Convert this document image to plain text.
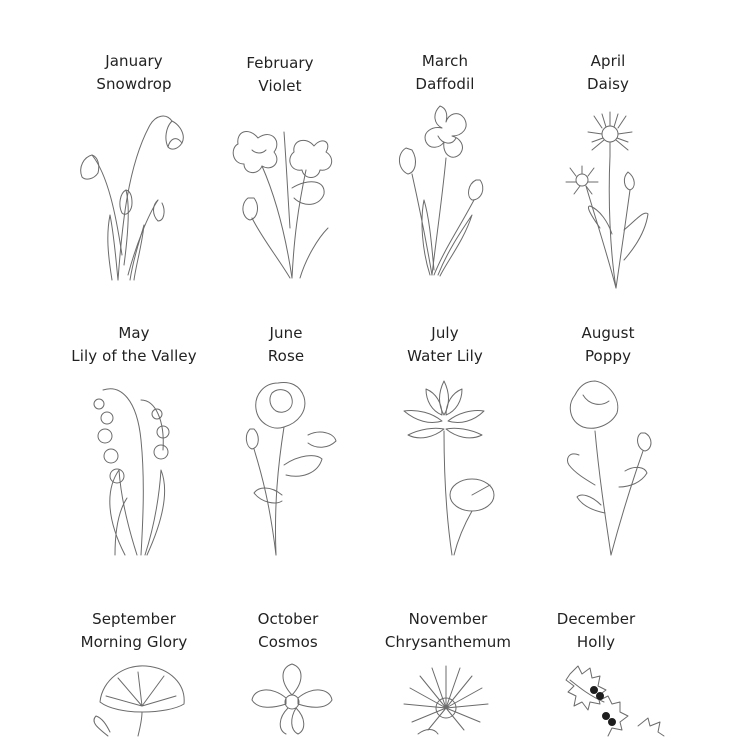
January
Snowdrop
February
Violet
March
Daffodil
April
Daisy
May
Lily of the Valley
June
Rose
July
Water Lily
August
Poppy
September
Morning Glory
October
Cosmos
November
Chrysanthemum
December
Holly
